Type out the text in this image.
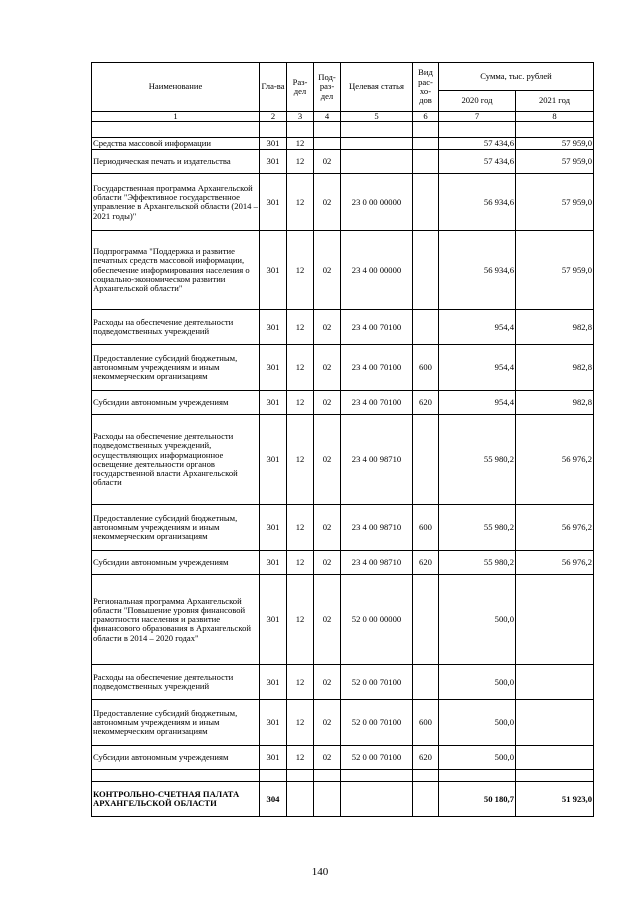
Наименование	Гла-ва	Раз-дел	Под-раз-дел	Целевая статья	Вид рас-хо-дов	Сумма, тыс. рублей	
						2020 год	2021 год
1	2	3	4	5	6	7	8

Средства массовой информации	301	12				57 434,6	57 959,0
Периодическая печать и издательства	301	12	02			57 434,6	57 959,0
Государственная программа Архангельской области "Эффективное государственное управление в Архангельской области (2014 – 2021 годы)"	301	12	02	23 0 00 00000		56 934,6	57 959,0
Подпрограмма "Поддержка и развитие печатных средств массовой информации, обеспечение информирования населения о социально-экономическом развитии Архангельской области"	301	12	02	23 4 00 00000		56 934,6	57 959,0
Расходы на обеспечение деятельности подведомственных учреждений	301	12	02	23 4 00 70100		954,4	982,8
Предоставление субсидий бюджетным, автономным учреждениям и иным некоммерческим организациям	301	12	02	23 4 00 70100	600	954,4	982,8
Субсидии автономным учреждениям	301	12	02	23 4 00 70100	620	954,4	982,8
Расходы на обеспечение деятельности подведомственных учреждений, осуществляющих информационное освещение деятельности органов государственной власти Архангельской области	301	12	02	23 4 00 98710		55 980,2	56 976,2
Предоставление субсидий бюджетным, автономным учреждениям и иным некоммерческим организациям	301	12	02	23 4 00 98710	600	55 980,2	56 976,2
Субсидии автономным учреждениям	301	12	02	23 4 00 98710	620	55 980,2	56 976,2
Региональная программа Архангельской области "Повышение уровня финансовой грамотности населения и развитие финансового образования в Архангельской области в 2014 – 2020 годах"	301	12	02	52 0 00 00000		500,0	
Расходы на обеспечение деятельности подведомственных учреждений	301	12	02	52 0 00 70100		500,0	
Предоставление субсидий бюджетным, автономным учреждениям и иным некоммерческим организациям	301	12	02	52 0 00 70100	600	500,0	
Субсидии автономным учреждениям	301	12	02	52 0 00 70100	620	500,0	

КОНТРОЛЬНО-СЧЕТНАЯ ПАЛАТА АРХАНГЕЛЬСКОЙ ОБЛАСТИ	304					50 180,7	51 923,0
140
